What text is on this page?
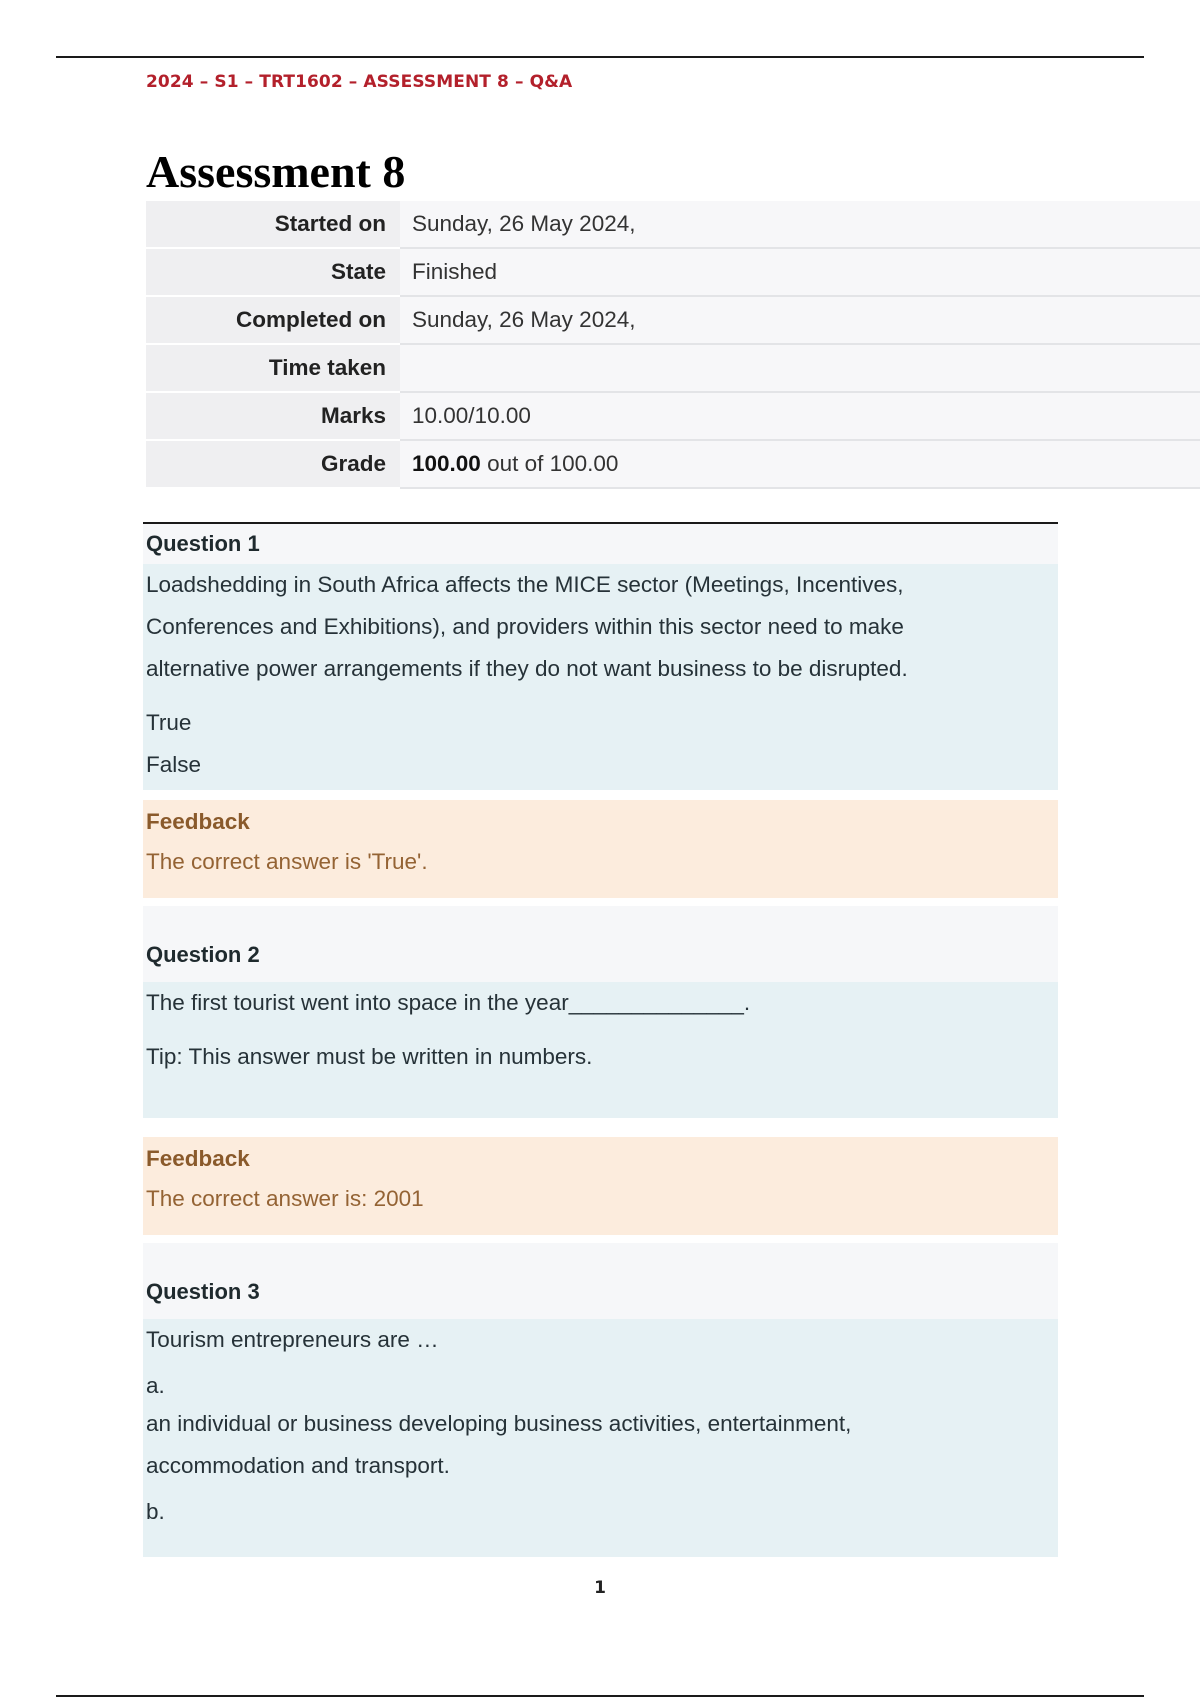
2024 – S1 – TRT1602 – ASSESSMENT 8 – Q&A
Assessment 8
Started on	Sunday, 26 May 2024,
State	Finished
Completed on	Sunday, 26 May 2024,
Time taken	
Marks	10.00/10.00
Grade	100.00 out of 100.00
Question 1

Loadshedding in South Africa affects the MICE sector (Meetings, Incentives,

Conferences and Exhibitions), and providers within this sector need to make

alternative power arrangements if they do not want business to be disrupted.

True

False

Feedback
The correct answer is 'True'.
Question 2

The first tourist went into space in the year______________.

Tip: This answer must be written in numbers.

Feedback
The correct answer is: 2001
Question 3

Tourism entrepreneurs are …

a.

an individual or business developing business activities, entertainment,

accommodation and transport.

b.

1
